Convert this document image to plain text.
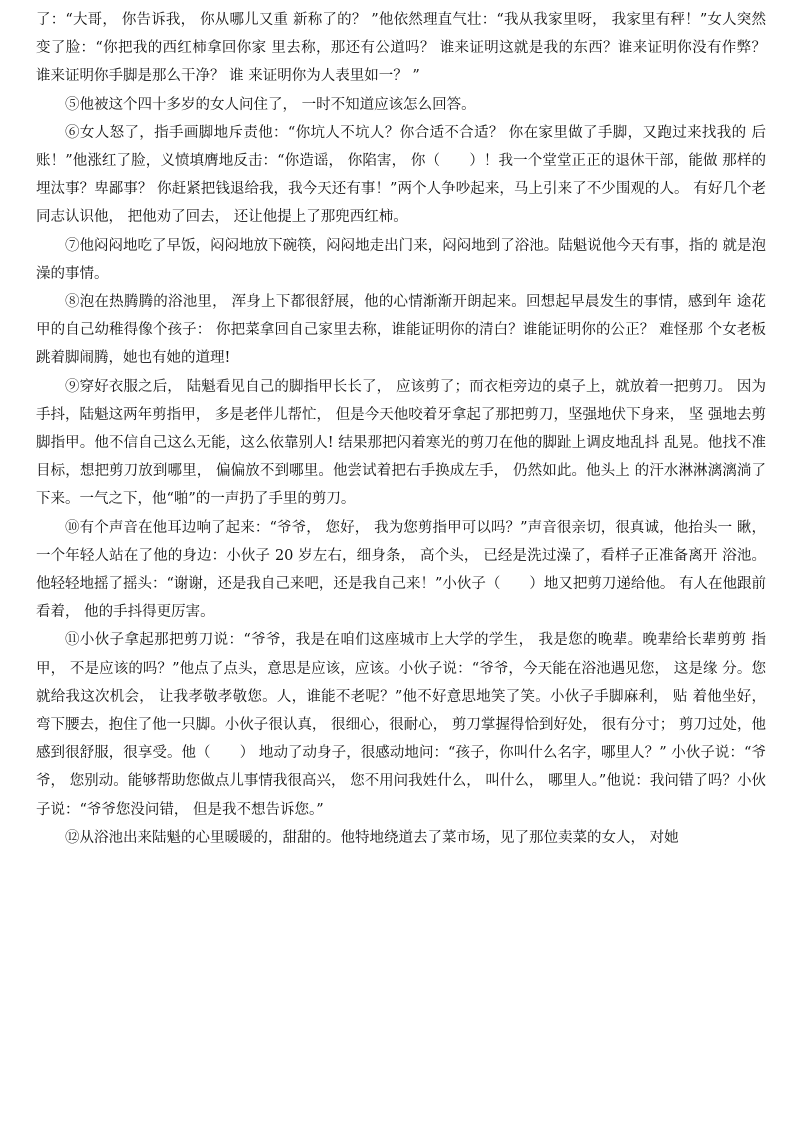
了：“大哥， 你告诉我， 你从哪儿又重 新称了的？ ”他依然理直气壮：“我从我家里呀， 我家里有秤！”女人突然变了脸：“你把我的西红柿拿回你家 里去称，那还有公道吗？ 谁来证明这就是我的东西？谁来证明你没有作弊？ 谁来证明你手脚是那么干净？ 谁 来证明你为人表里如一？ ”

⑤他被这个四十多岁的女人问住了， 一时不知道应该怎么回答。

⑥女人怒了，指手画脚地斥责他：“你坑人不坑人？你合适不合适？ 你在家里做了手脚，又跑过来找我的 后账！”他涨红了脸，义愤填膺地反击：“你造谣， 你陷害， 你（　　）！我一个堂堂正正的退休干部，能做 那样的埋汰事？卑鄙事？ 你赶紧把钱退给我，我今天还有事！”两个人争吵起来，马上引来了不少围观的人。 有好几个老同志认识他， 把他劝了回去， 还让他提上了那兜西红柿。

⑦他闷闷地吃了早饭，闷闷地放下碗筷，闷闷地走出门来，闷闷地到了浴池。陆魁说他今天有事，指的 就是泡澡的事情。

⑧泡在热腾腾的浴池里， 浑身上下都很舒展，他的心情渐渐开朗起来。回想起早晨发生的事情，感到年 途花甲的自己幼稚得像个孩子： 你把菜拿回自己家里去称，谁能证明你的清白？谁能证明你的公正？ 难怪那 个女老板跳着脚闹腾，她也有她的道理!

⑨穿好衣服之后， 陆魁看见自己的脚指甲长长了， 应该剪了；而衣柜旁边的桌子上，就放着一把剪刀。 因为手抖，陆魁这两年剪指甲， 多是老伴儿帮忙， 但是今天他咬着牙拿起了那把剪刀，坚强地伏下身来， 坚 强地去剪脚指甲。他不信自己这么无能，这么依靠别人! 结果那把闪着寒光的剪刀在他的脚趾上调皮地乱抖 乱晃。他找不准目标，想把剪刀放到哪里， 偏偏放不到哪里。他尝试着把右手换成左手， 仍然如此。他头上 的汗水淋淋漓漓淌了下来。一气之下，他“啪”的一声扔了手里的剪刀。

⑩有个声音在他耳边响了起来：“爷爷， 您好， 我为您剪指甲可以吗？”声音很亲切，很真诚，他抬头一 瞅， 一个年轻人站在了他的身边：小伙子 20 岁左右，细身条， 高个头， 已经是洗过澡了，看样子正准备离开 浴池。他轻轻地摇了摇头：“谢谢，还是我自己来吧，还是我自己来！”小伙子（　　）地又把剪刀递给他。 有人在他跟前看着， 他的手抖得更厉害。

⑪小伙子拿起那把剪刀说：“爷爷，我是在咱们这座城市上大学的学生， 我是您的晚辈。晚辈给长辈剪剪 指甲， 不是应该的吗？”他点了点头，意思是应该，应该。小伙子说：“爷爷，今天能在浴池遇见您， 这是缘 分。您就给我这次机会， 让我孝敬孝敬您。人，谁能不老呢？”他不好意思地笑了笑。小伙子手脚麻利， 贴 着他坐好， 弯下腰去，抱住了他一只脚。小伙子很认真， 很细心，很耐心， 剪刀掌握得恰到好处， 很有分寸； 剪刀过处，他感到很舒服，很享受。他（　　） 地动了动身子，很感动地问：“孩子，你叫什么名字，哪里人？” 小伙子说：“爷爷， 您别动。能够帮助您做点儿事情我很高兴， 您不用问我姓什么， 叫什么， 哪里人。”他说：我问错了吗？小伙子说：“爷爷您没问错， 但是我不想告诉您。”

⑫从浴池出来陆魁的心里暖暖的，甜甜的。他特地绕道去了菜市场，见了那位卖菜的女人， 对她
